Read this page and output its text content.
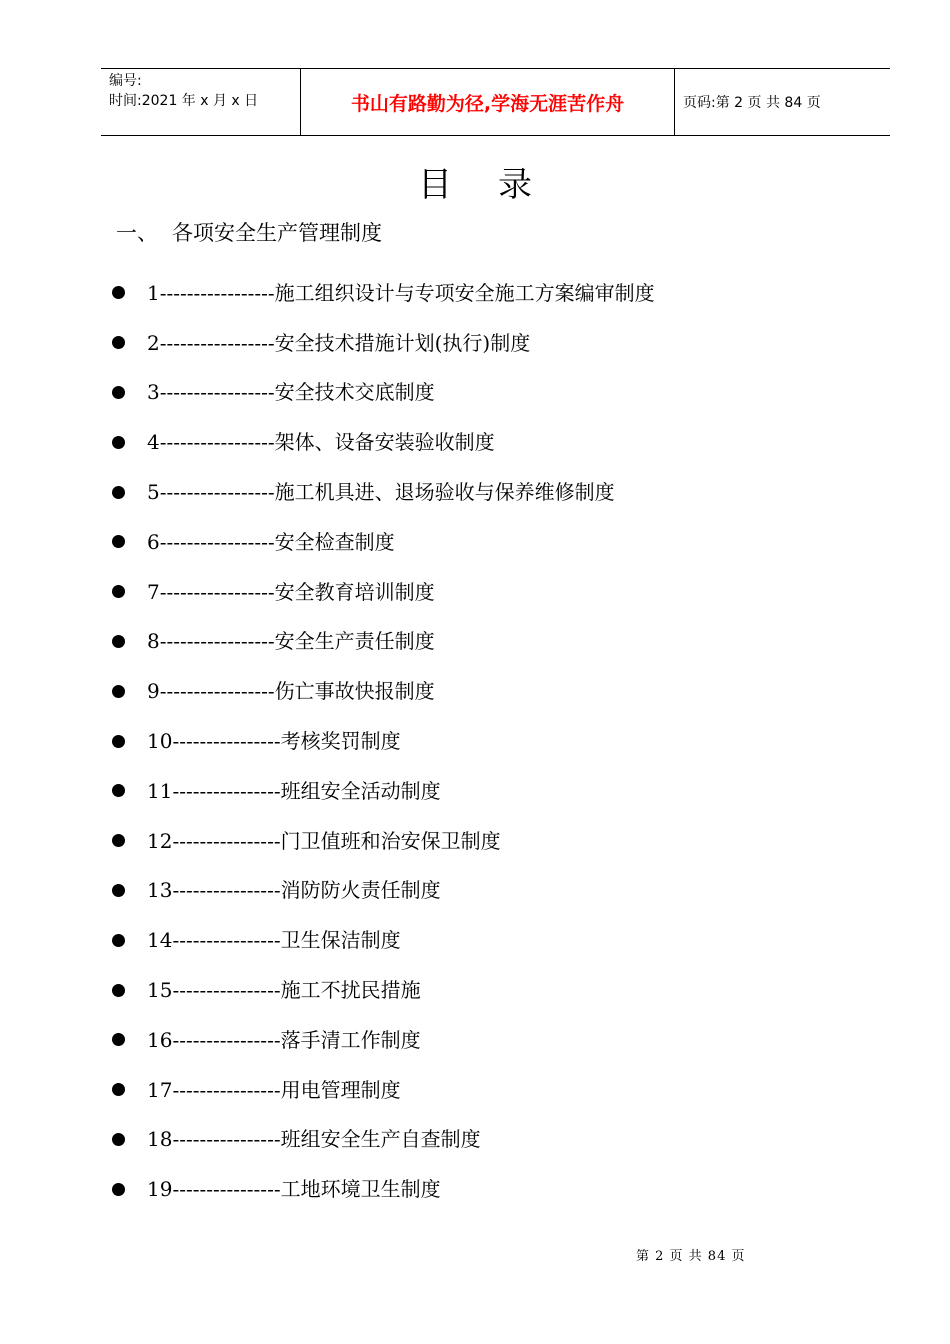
编号:
时间:2021 年 x 月 x 日	书山有路勤为径,学海无涯苦作舟	页码:第 2 页 共 84 页
目录
一、 各项安全生产管理制度
1 ----------------- 施工组织设计与专项安全施工方案编审制度
2 ----------------- 安全技术措施计划(执行)制度
3 ----------------- 安全技术交底制度
4 ----------------- 架体、设备安装验收制度
5 ----------------- 施工机具进、退场验收与保养维修制度
6 ----------------- 安全检查制度
7 ----------------- 安全教育培训制度
8 ----------------- 安全生产责任制度
9 ----------------- 伤亡事故快报制度
10 ---------------- 考核奖罚制度
11 ---------------- 班组安全活动制度
12 ---------------- 门卫值班和治安保卫制度
13 ---------------- 消防防火责任制度
14 ---------------- 卫生保洁制度
15 ---------------- 施工不扰民措施
16 ---------------- 落手清工作制度
17 ---------------- 用电管理制度
18 ---------------- 班组安全生产自查制度
19 ---------------- 工地环境卫生制度
第 2 页 共 84 页
